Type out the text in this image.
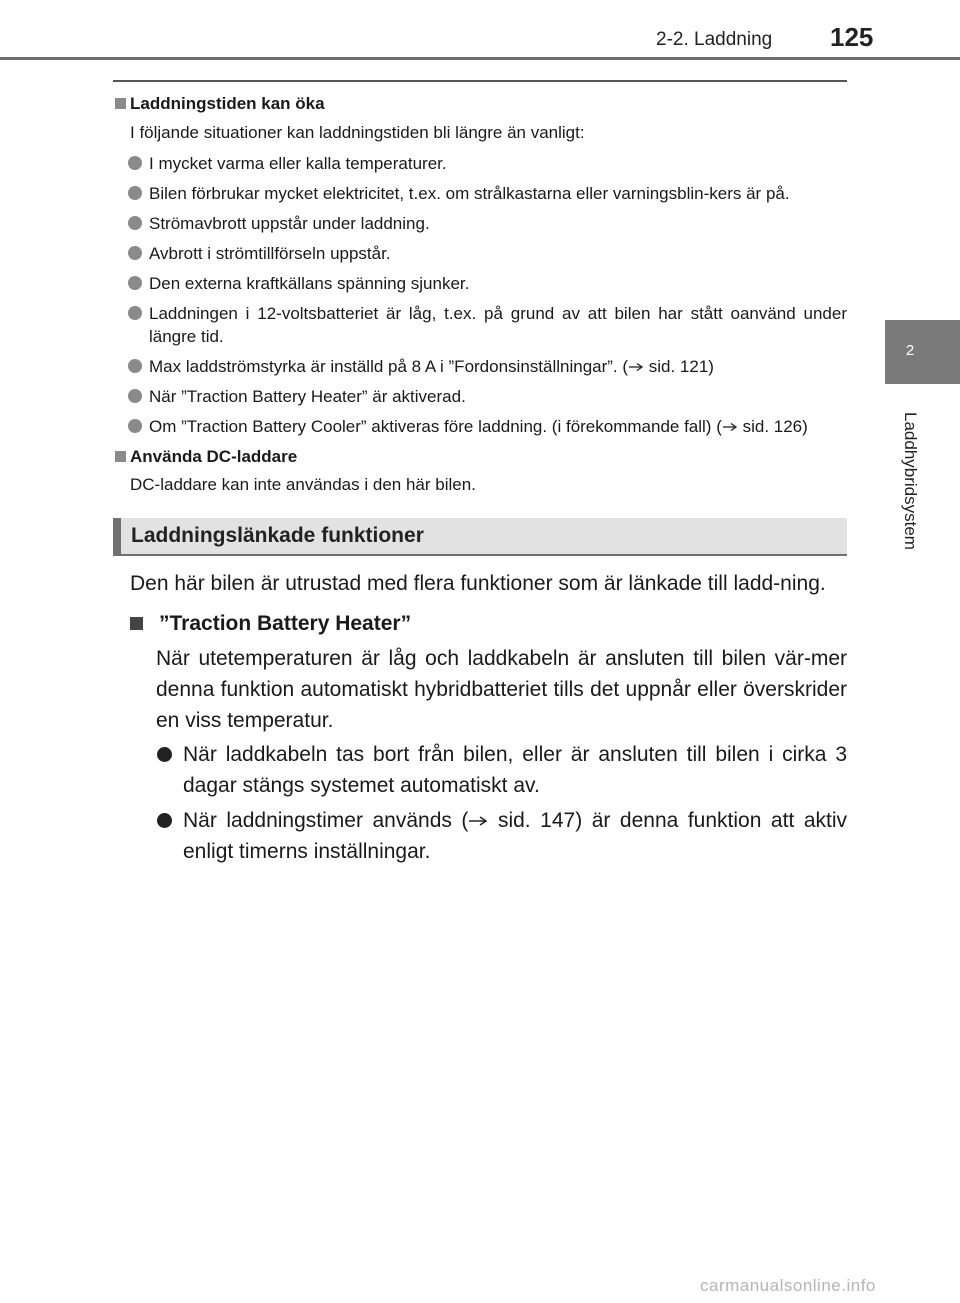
2-2. Laddning 125
2
Laddhybridsystem
Laddningstiden kan öka
I följande situationer kan laddningstiden bli längre än vanligt:
I mycket varma eller kalla temperaturer.
Bilen förbrukar mycket elektricitet, t.ex. om strålkastarna eller varningsblin-kers är på.
Strömavbrott uppstår under laddning.
Avbrott i strömtillförseln uppstår.
Den externa kraftkällans spänning sjunker.
Laddningen i 12-voltsbatteriet är låg, t.ex. på grund av att bilen har stått oanvänd under längre tid.
Max laddströmstyrka är inställd på 8 A i ”Fordonsinställningar”. ( sid. 121)
När ”Traction Battery Heater” är aktiverad.
Om ”Traction Battery Cooler” aktiveras före laddning. (i förekommande fall) ( sid. 126)
Använda DC-laddare
DC-laddare kan inte användas i den här bilen.
Laddningslänkade funktioner
Den här bilen är utrustad med flera funktioner som är länkade till ladd-ning.
”Traction Battery Heater”
När utetemperaturen är låg och laddkabeln är ansluten till bilen vär-mer denna funktion automatiskt hybridbatteriet tills det uppnår eller överskrider en viss temperatur.
När laddkabeln tas bort från bilen, eller är ansluten till bilen i cirka 3 dagar stängs systemet automatiskt av.
När laddningstimer används ( sid. 147) är denna funktion att aktiv enligt timerns inställningar.
carmanualsonline.info
